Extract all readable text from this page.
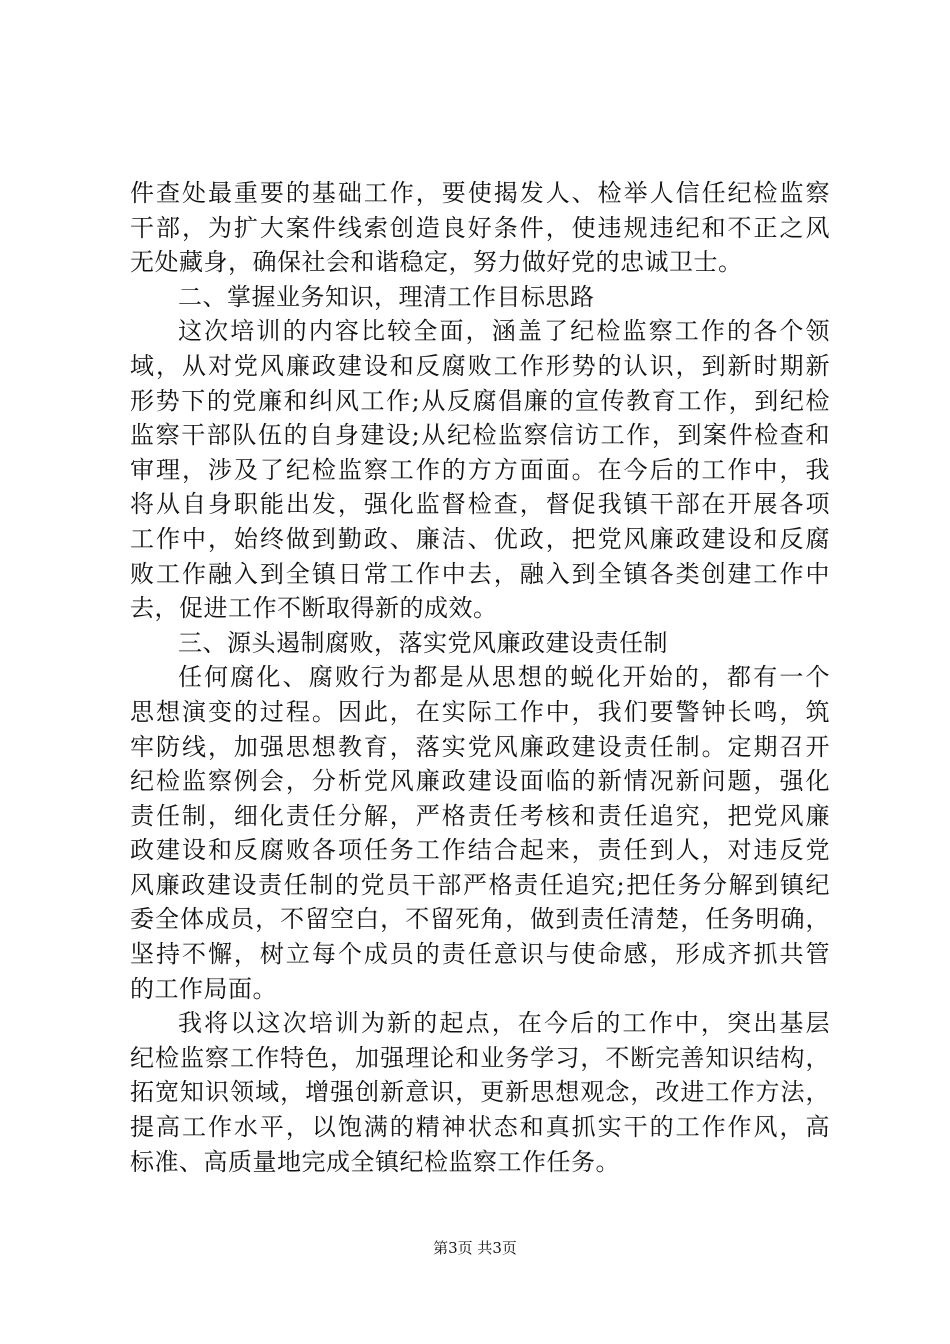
件查处最重要的基础工作，要使揭发人、检举人信任纪检监察
干部，为扩大案件线索创造良好条件，使违规违纪和不正之风
无处藏身，确保社会和谐稳定，努力做好党的忠诚卫士。
二、掌握业务知识，理清工作目标思路
这次培训的内容比较全面，涵盖了纪检监察工作的各个领
域，从对党风廉政建设和反腐败工作形势的认识，到新时期新
形势下的党廉和纠风工作;从反腐倡廉的宣传教育工作，到纪检
监察干部队伍的自身建设;从纪检监察信访工作，到案件检查和
审理，涉及了纪检监察工作的方方面面。在今后的工作中，我
将从自身职能出发，强化监督检查，督促我镇干部在开展各项
工作中，始终做到勤政、廉洁、优政，把党风廉政建设和反腐
败工作融入到全镇日常工作中去，融入到全镇各类创建工作中
去，促进工作不断取得新的成效。
三、源头遏制腐败，落实党风廉政建设责任制
任何腐化、腐败行为都是从思想的蜕化开始的，都有一个
思想演变的过程。因此，在实际工作中，我们要警钟长鸣，筑
牢防线，加强思想教育，落实党风廉政建设责任制。定期召开
纪检监察例会，分析党风廉政建设面临的新情况新问题，强化
责任制，细化责任分解，严格责任考核和责任追究，把党风廉
政建设和反腐败各项任务工作结合起来，责任到人，对违反党
风廉政建设责任制的党员干部严格责任追究;把任务分解到镇纪
委全体成员，不留空白，不留死角，做到责任清楚，任务明确，
坚持不懈，树立每个成员的责任意识与使命感，形成齐抓共管
的工作局面。
我将以这次培训为新的起点，在今后的工作中，突出基层
纪检监察工作特色，加强理论和业务学习，不断完善知识结构，
拓宽知识领域，增强创新意识，更新思想观念，改进工作方法，
提高工作水平，以饱满的精神状态和真抓实干的工作作风，高
标准、高质量地完成全镇纪检监察工作任务。
第3页 共3页
